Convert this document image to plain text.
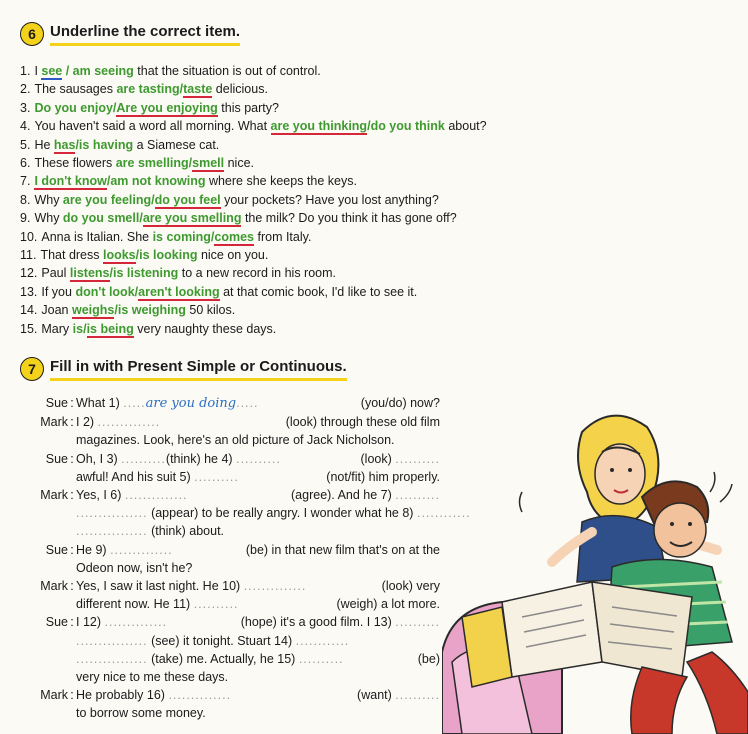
6 Underline the correct item.
1. I see / am seeing that the situation is out of control.
2. The sausages are tasting/taste delicious.
3. Do you enjoy/Are you enjoying this party?
4. You haven't said a word all morning. What are you thinking/do you think about?
5. He has/is having a Siamese cat.
6. These flowers are smelling/smell nice.
7. I don't know/am not knowing where she keeps the keys.
8. Why are you feeling/do you feel your pockets? Have you lost anything?
9. Why do you smell/are you smelling the milk? Do you think it has gone off?
10. Anna is Italian. She is coming/comes from Italy.
11. That dress looks/is looking nice on you.
12. Paul listens/is listening to a new record in his room.
13. If you don't look/aren't looking at that comic book, I'd like to see it.
14. Joan weighs/is weighing 50 kilos.
15. Mary is/is being very naughty these days.
7 Fill in with Present Simple or Continuous.
Sue : What 1) .....are you doing.....	(you/do) now?
Mark : I 2) ..............	(look) through these old film
magazines. Look, here's an old picture of Jack Nicholson.
Sue : Oh, I 3) ..........(think) he 4) ..........	(look) ..........
awful! And his suit 5) ..........	(not/fit) him properly.
Mark : Yes, I 6) ..............	(agree). And he 7) ..........
................ (appear) to be really angry. I wonder what he 8) ............
................ (think) about.
Sue : He 9) ..............	(be) in that new film that's on at the
Odeon now, isn't he?
Mark : Yes, I saw it last night. He 10) ..............	(look) very
different now. He 11) ..........	(weigh) a lot more.
Sue : I 12) ..............	(hope) it's a good film. I 13) ..........
................ (see) it tonight. Stuart 14) ............
................ (take) me. Actually, he 15) ..........	(be)
very nice to me these days.
Mark : He probably 16) ..............	(want) ..........
to borrow some money.
